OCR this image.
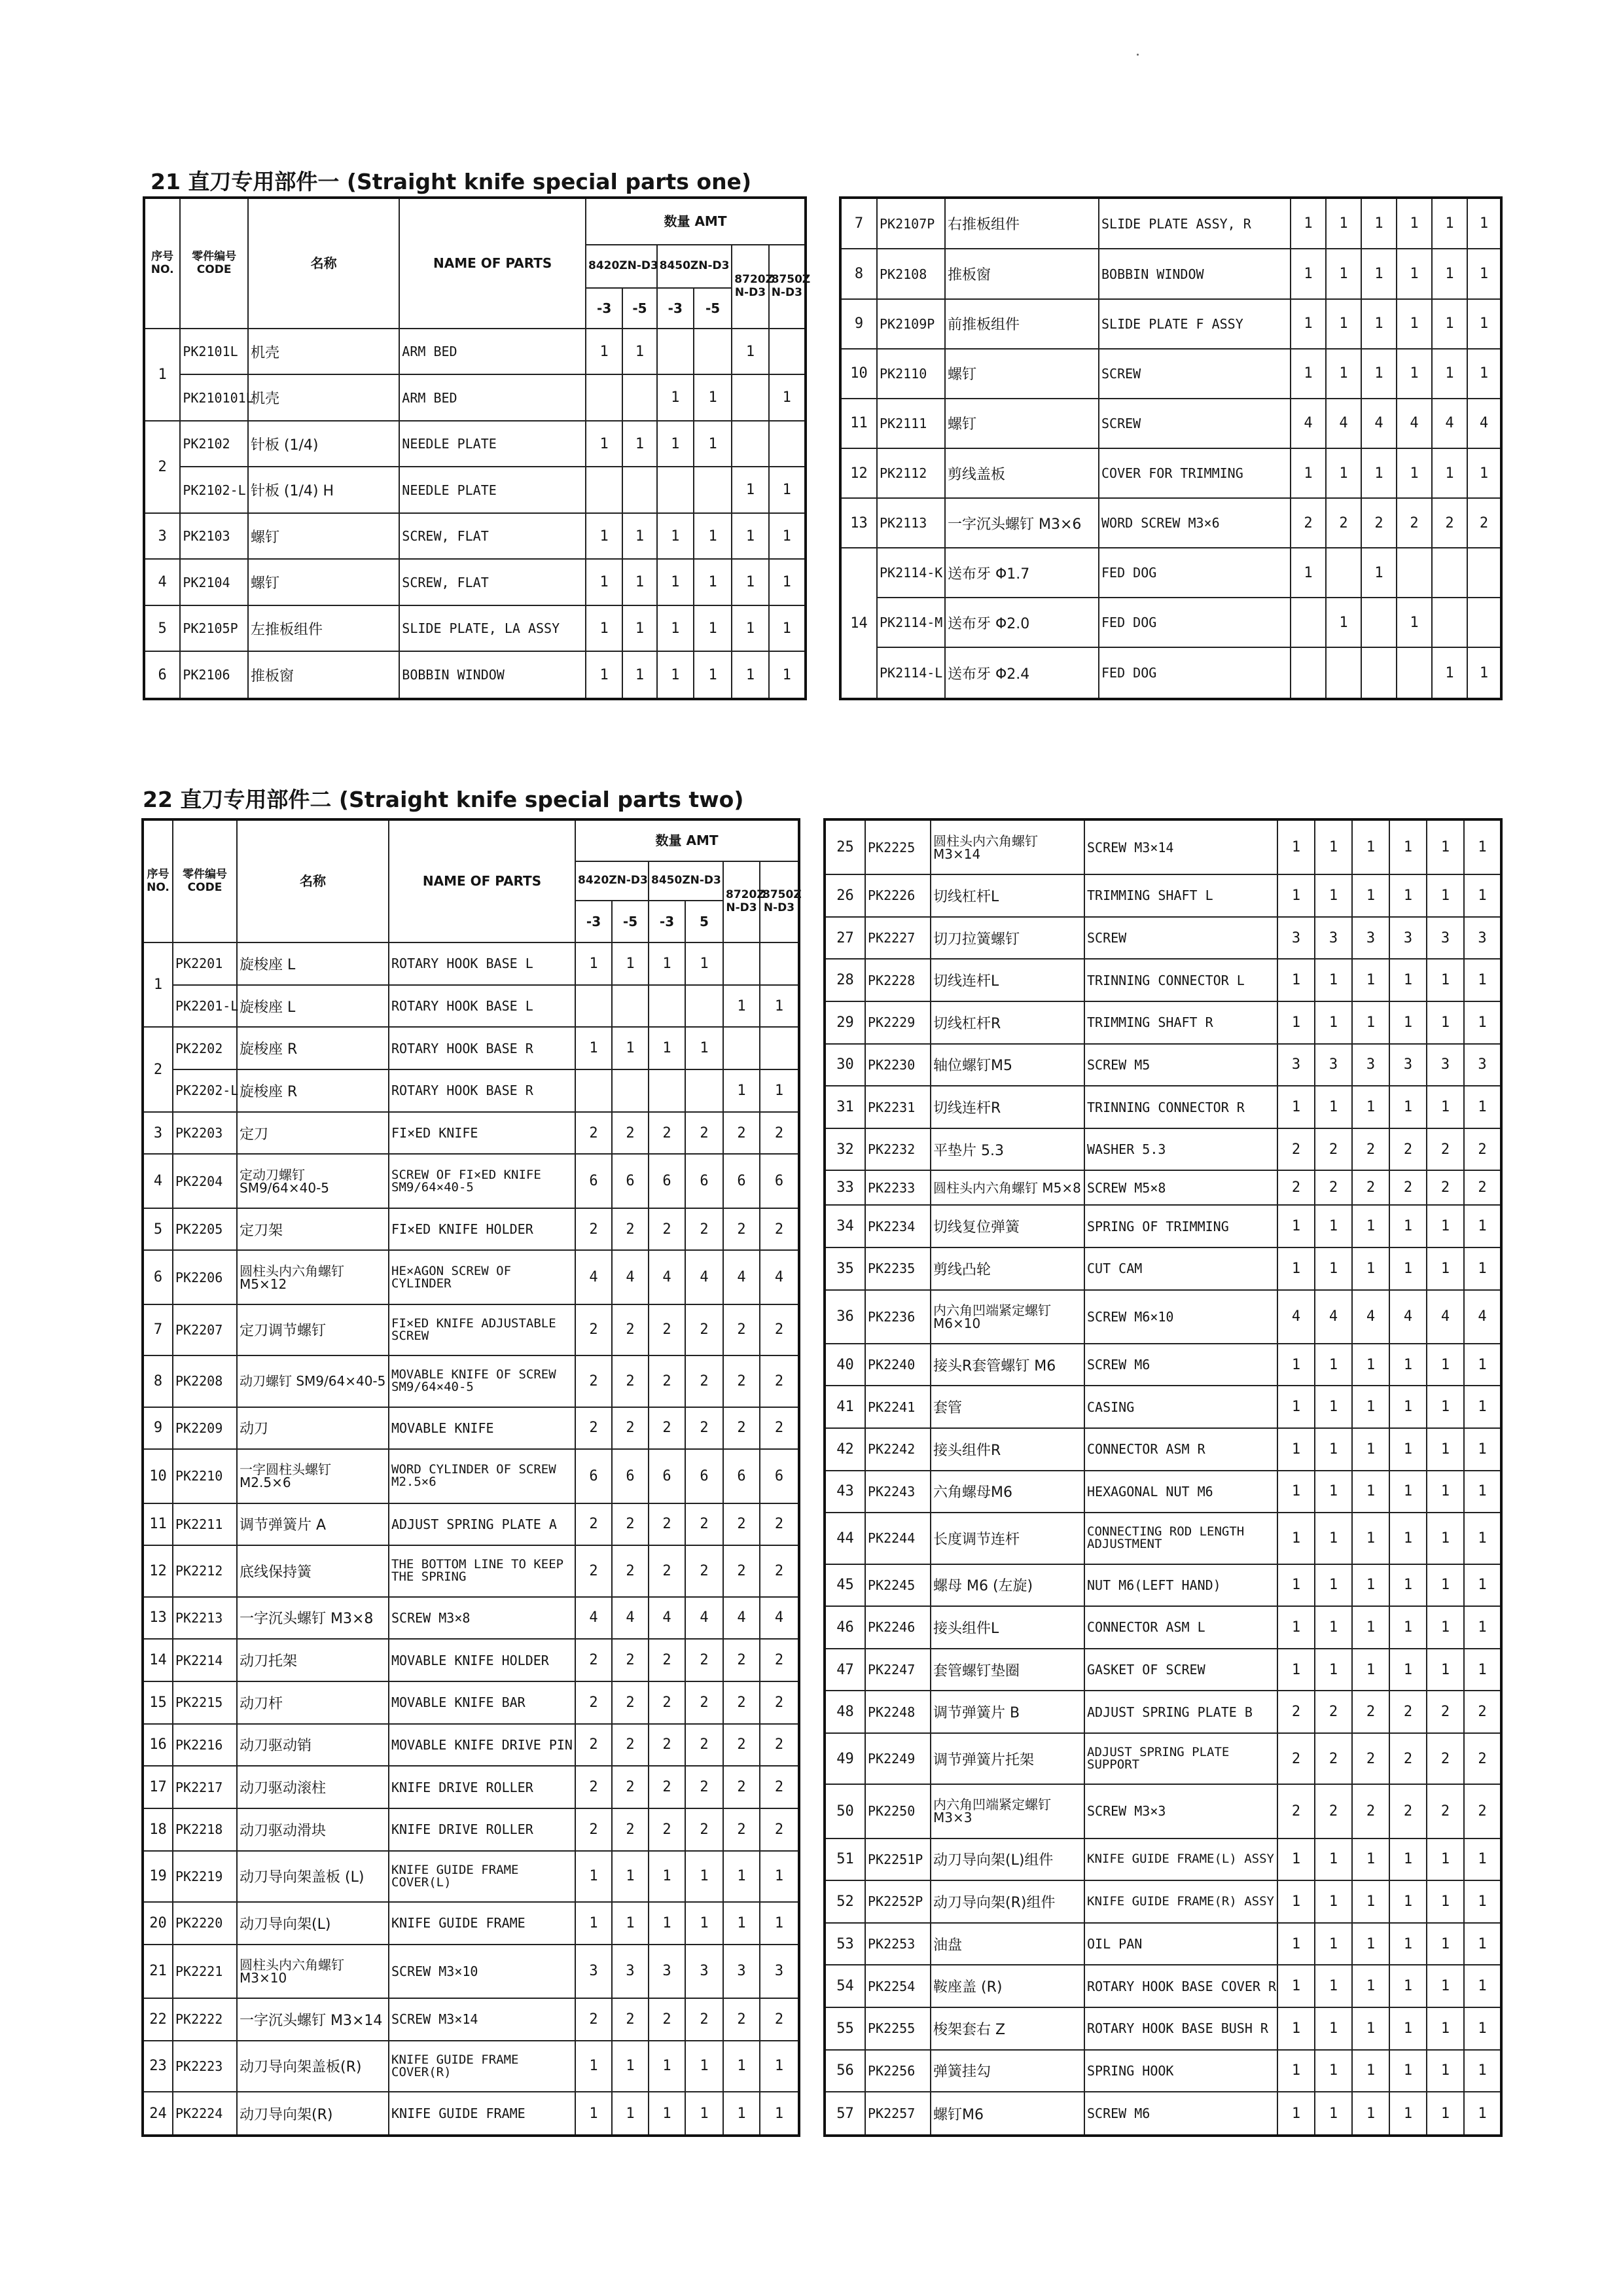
21 直刀专用部件一 (Straight knife special parts one)
序号
NO.	零件编号
CODE	名称	NAME OF PARTS	数量 AMT					
				8420ZN-D3		8450ZN-D3		8720Z
N-D3	8750Z
N-D3
				-3	-5	-3	-5		
1	PK2101L	机壳	ARM BED	1	1			1	
	PK210101L	机壳	ARM BED			1	1		1
2	PK2102	针板 (1/4)	NEEDLE PLATE	1	1	1	1		
	PK2102-L	针板 (1/4) H	NEEDLE PLATE					1	1
3	PK2103	螺钉	SCREW, FLAT	1	1	1	1	1	1
4	PK2104	螺钉	SCREW, FLAT	1	1	1	1	1	1
5	PK2105P	左推板组件	SLIDE PLATE, LA ASSY	1	1	1	1	1	1
6	PK2106	推板窗	BOBBIN WINDOW	1	1	1	1	1	1
7	PK2107P	右推板组件	SLIDE PLATE ASSY, R	1	1	1	1	1	1
8	PK2108	推板窗	BOBBIN WINDOW	1	1	1	1	1	1
9	PK2109P	前推板组件	SLIDE PLATE F ASSY	1	1	1	1	1	1
10	PK2110	螺钉	SCREW	1	1	1	1	1	1
11	PK2111	螺钉	SCREW	4	4	4	4	4	4
12	PK2112	剪线盖板	COVER FOR TRIMMING	1	1	1	1	1	1
13	PK2113	一字沉头螺钉 M3×6	WORD SCREW M3×6	2	2	2	2	2	2
14	PK2114-K	送布牙 Φ1.7	FED DOG	1		1			
	PK2114-M	送布牙 Φ2.0	FED DOG		1		1		
	PK2114-L	送布牙 Φ2.4	FED DOG					1	1
22 直刀专用部件二 (Straight knife special parts two)
序号
NO.	零件编号
CODE	名称	NAME OF PARTS	数量 AMT					
				8420ZN-D3		8450ZN-D3		8720Z
N-D3	8750Z
N-D3
				-3	-5	-3	5		
1	PK2201	旋梭座 L	ROTARY HOOK BASE L	1	1	1	1		
	PK2201-L	旋梭座 L	ROTARY HOOK BASE L					1	1
2	PK2202	旋梭座 R	ROTARY HOOK BASE R	1	1	1	1		
	PK2202-L	旋梭座 R	ROTARY HOOK BASE R					1	1
3	PK2203	定刀	FI×ED KNIFE	2	2	2	2	2	2
4	PK2204	定动刀螺钉 SM9/64×40-5	SCREW OF FI×ED KNIFE SM9/64×40-5	6	6	6	6	6	6
5	PK2205	定刀架	FI×ED KNIFE HOLDER	2	2	2	2	2	2
6	PK2206	圆柱头内六角螺钉 M5×12	HE×AGON SCREW OF CYLINDER	4	4	4	4	4	4
7	PK2207	定刀调节螺钉	FI×ED KNIFE ADJUSTABLE SCREW	2	2	2	2	2	2
8	PK2208	动刀螺钉 SM9/64×40-5	MOVABLE KNIFE OF SCREW SM9/64×40-5	2	2	2	2	2	2
9	PK2209	动刀	MOVABLE KNIFE	2	2	2	2	2	2
10	PK2210	一字圆柱头螺钉 M2.5×6	WORD CYLINDER OF SCREW M2.5×6	6	6	6	6	6	6
11	PK2211	调节弹簧片 A	ADJUST SPRING PLATE A	2	2	2	2	2	2
12	PK2212	底线保持簧	THE BOTTOM LINE TO KEEP THE SPRING	2	2	2	2	2	2
13	PK2213	一字沉头螺钉 M3×8	SCREW M3×8	4	4	4	4	4	4
14	PK2214	动刀托架	MOVABLE KNIFE HOLDER	2	2	2	2	2	2
15	PK2215	动刀杆	MOVABLE KNIFE BAR	2	2	2	2	2	2
16	PK2216	动刀驱动销	MOVABLE KNIFE DRIVE PIN	2	2	2	2	2	2
17	PK2217	动刀驱动滚柱	KNIFE DRIVE ROLLER	2	2	2	2	2	2
18	PK2218	动刀驱动滑块	KNIFE DRIVE ROLLER	2	2	2	2	2	2
19	PK2219	动刀导向架盖板 (L)	KNIFE GUIDE FRAME COVER(L)	1	1	1	1	1	1
20	PK2220	动刀导向架(L)	KNIFE GUIDE FRAME	1	1	1	1	1	1
21	PK2221	圆柱头内六角螺钉 M3×10	SCREW M3×10	3	3	3	3	3	3
22	PK2222	一字沉头螺钉 M3×14	SCREW M3×14	2	2	2	2	2	2
23	PK2223	动刀导向架盖板(R)	KNIFE GUIDE FRAME COVER(R)	1	1	1	1	1	1
24	PK2224	动刀导向架(R)	KNIFE GUIDE FRAME	1	1	1	1	1	1
25	PK2225	圆柱头内六角螺钉 M3×14	SCREW M3×14	1	1	1	1	1	1
26	PK2226	切线杠杆L	TRIMMING SHAFT L	1	1	1	1	1	1
27	PK2227	切刀拉簧螺钉	SCREW	3	3	3	3	3	3
28	PK2228	切线连杆L	TRINNING CONNECTOR L	1	1	1	1	1	1
29	PK2229	切线杠杆R	TRIMMING SHAFT R	1	1	1	1	1	1
30	PK2230	轴位螺钉M5	SCREW M5	3	3	3	3	3	3
31	PK2231	切线连杆R	TRINNING CONNECTOR R	1	1	1	1	1	1
32	PK2232	平垫片 5.3	WASHER 5.3	2	2	2	2	2	2
33	PK2233	圆柱头内六角螺钉 M5×8	SCREW M5×8	2	2	2	2	2	2
34	PK2234	切线复位弹簧	SPRING OF TRIMMING	1	1	1	1	1	1
35	PK2235	剪线凸轮	CUT CAM	1	1	1	1	1	1
36	PK2236	内六角凹端紧定螺钉 M6×10	SCREW M6×10	4	4	4	4	4	4
40	PK2240	接头R套管螺钉 M6	SCREW M6	1	1	1	1	1	1
41	PK2241	套管	CASING	1	1	1	1	1	1
42	PK2242	接头组件R	CONNECTOR ASM R	1	1	1	1	1	1
43	PK2243	六角螺母M6	HEXAGONAL NUT M6	1	1	1	1	1	1
44	PK2244	长度调节连杆	CONNECTING ROD LENGTH ADJUSTMENT	1	1	1	1	1	1
45	PK2245	螺母 M6 (左旋)	NUT M6(LEFT HAND)	1	1	1	1	1	1
46	PK2246	接头组件L	CONNECTOR ASM L	1	1	1	1	1	1
47	PK2247	套管螺钉垫圈	GASKET OF SCREW	1	1	1	1	1	1
48	PK2248	调节弹簧片 B	ADJUST SPRING PLATE B	2	2	2	2	2	2
49	PK2249	调节弹簧片托架	ADJUST SPRING PLATE SUPPORT	2	2	2	2	2	2
50	PK2250	内六角凹端紧定螺钉 M3×3	SCREW M3×3	2	2	2	2	2	2
51	PK2251P	动刀导向架(L)组件	KNIFE GUIDE FRAME(L) ASSY	1	1	1	1	1	1
52	PK2252P	动刀导向架(R)组件	KNIFE GUIDE FRAME(R) ASSY	1	1	1	1	1	1
53	PK2253	油盘	OIL PAN	1	1	1	1	1	1
54	PK2254	鞍座盖 (R)	ROTARY HOOK BASE COVER R	1	1	1	1	1	1
55	PK2255	梭架套右 Z	ROTARY HOOK BASE BUSH R	1	1	1	1	1	1
56	PK2256	弹簧挂勾	SPRING HOOK	1	1	1	1	1	1
57	PK2257	螺钉M6	SCREW M6	1	1	1	1	1	1
